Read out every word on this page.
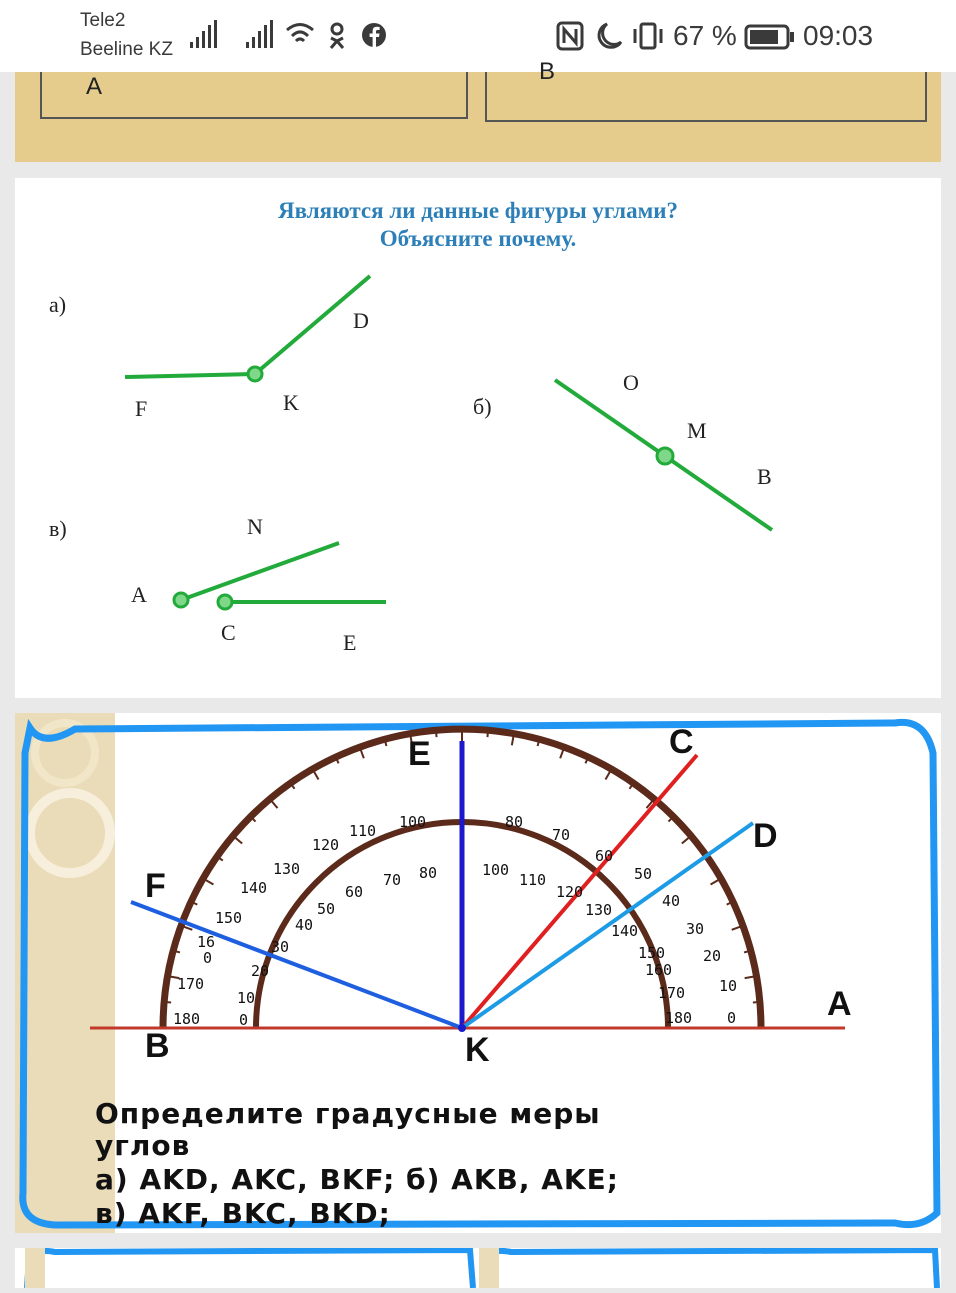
Tele2
Beeline KZ	67 % 09:03
A
B
Являются ли данные фигуры углами?
Объясните почему.
а)
D
F	K	б)
O
M
B
в)	N
A
C	E
180
170
16
0
150
140
130
120
110 100	80
70
60
50
40
30
20
10
0
0
10
20
30
40
50
60
70 80	100
110
120
130
140
150
160
170
180
E	C
D
F
A
B	K
Определите градусные меры
углов
а) AKD, AKC, BKF; б) AKB, AKE;
в) AKF, BKC, BKD;
